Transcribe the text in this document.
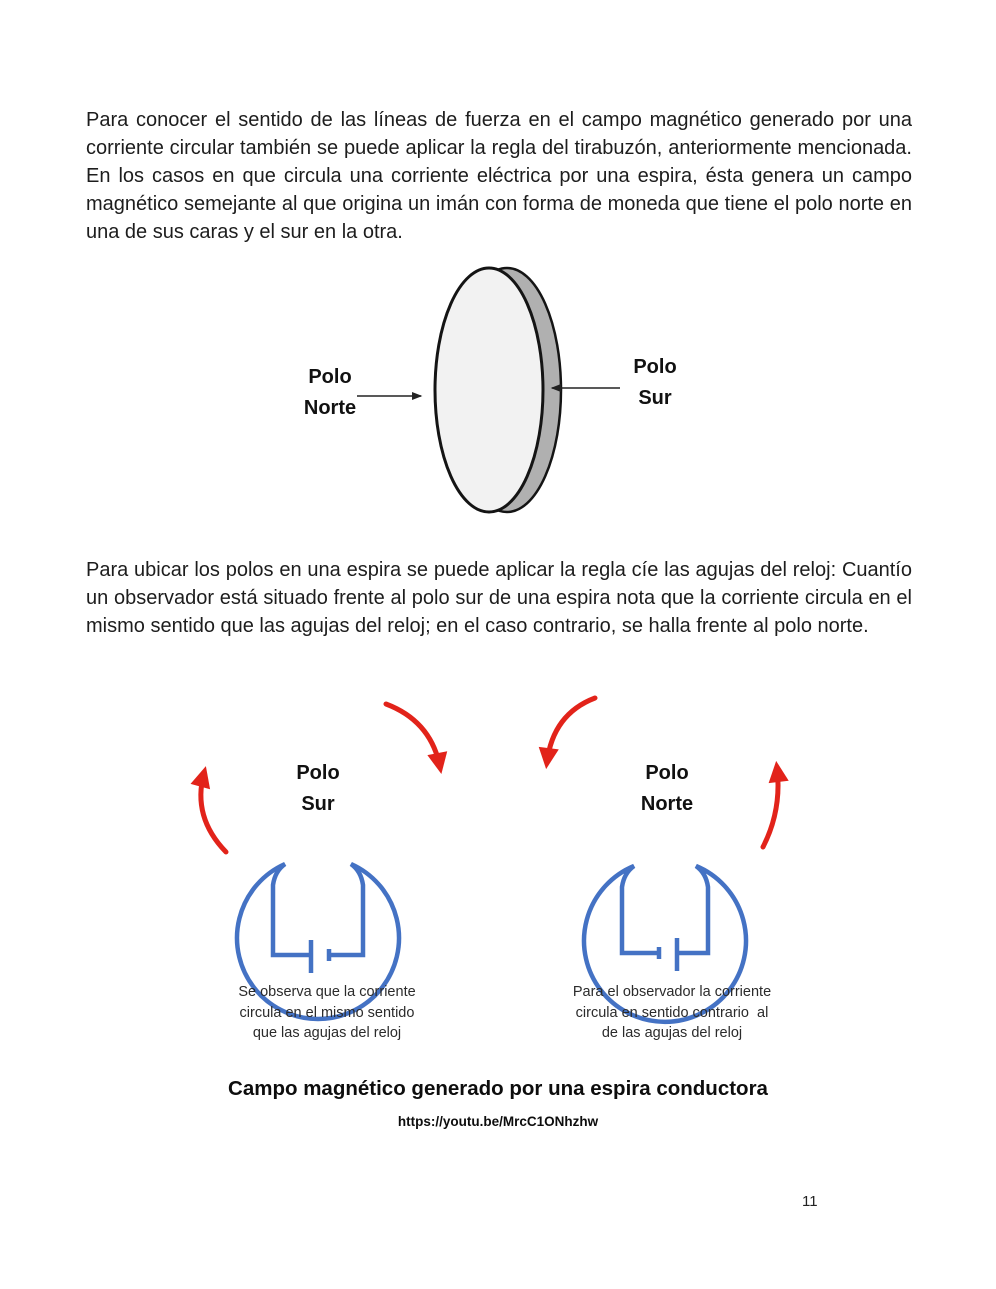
Para conocer el sentido de las líneas de fuerza en el campo magnético generado por una corriente circular también se puede aplicar la regla del tirabuzón, anteriormente mencionada. En los casos en que circula una corriente eléctrica por una espira, ésta genera un campo magnético semejante al que origina un imán con forma de moneda que tiene el polo norte en una de sus caras y el sur en la otra.

Polo
Norte
Polo
Sur

Para ubicar los polos en una espira se puede aplicar la regla cíe las agujas del reloj: Cuantío un observador está situado frente al polo sur de una espira nota que la corriente circula en el mismo sentido que las agujas del reloj; en el caso contrario, se halla frente al polo norte.

Polo
Sur
Se observa que la corriente
circula en el mismo sentido
que las agujas del reloj
Polo
Norte
Para el observador la corriente
circula en sentido contrario  al
de las agujas del reloj
Campo magnético generado por una espira conductora
https://youtu.be/MrcC1ONhzhw
11
